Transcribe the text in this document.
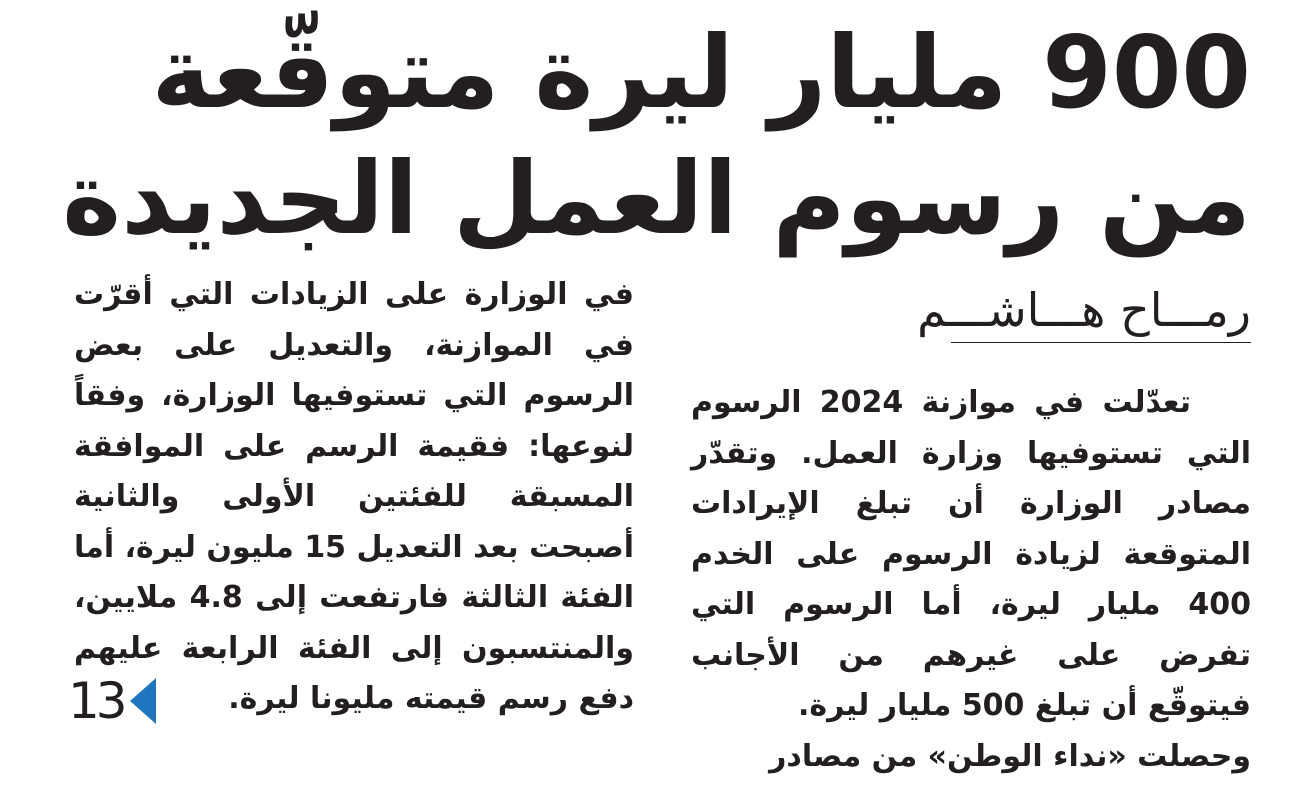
900 مليار ليرة متوقّعة
من رسوم العمل الجديدة
رمـــاح هـــاشـــم

تعدّلت في موازنة 2024 الرسوم التي تستوفيها وزارة العمل. وتقدّر مصادر الوزارة أن تبلغ الإيرادات المتوقعة لزيادة الرسوم على الخدم 400 مليار ليرة، أما الرسوم التي تفرض على غيرهم من الأجانب فيتوقّع أن تبلغ 500 مليار ليرة.

وحصلت «نداء الوطن» من مصادر

في الوزارة على الزيادات التي أقرّت في الموازنة، والتعديل على بعض الرسوم التي تستوفيها الوزارة، وفقاً لنوعها: فقيمة الرسم على الموافقة المسبقة للفئتين الأولى والثانية أصبحت بعد التعديل 15 مليون ليرة، أما الفئة الثالثة فارتفعت إلى 4.8 ملايين، والمنتسبون إلى الفئة الرابعة عليهم دفع رسم قيمته مليونا ليرة.

13
